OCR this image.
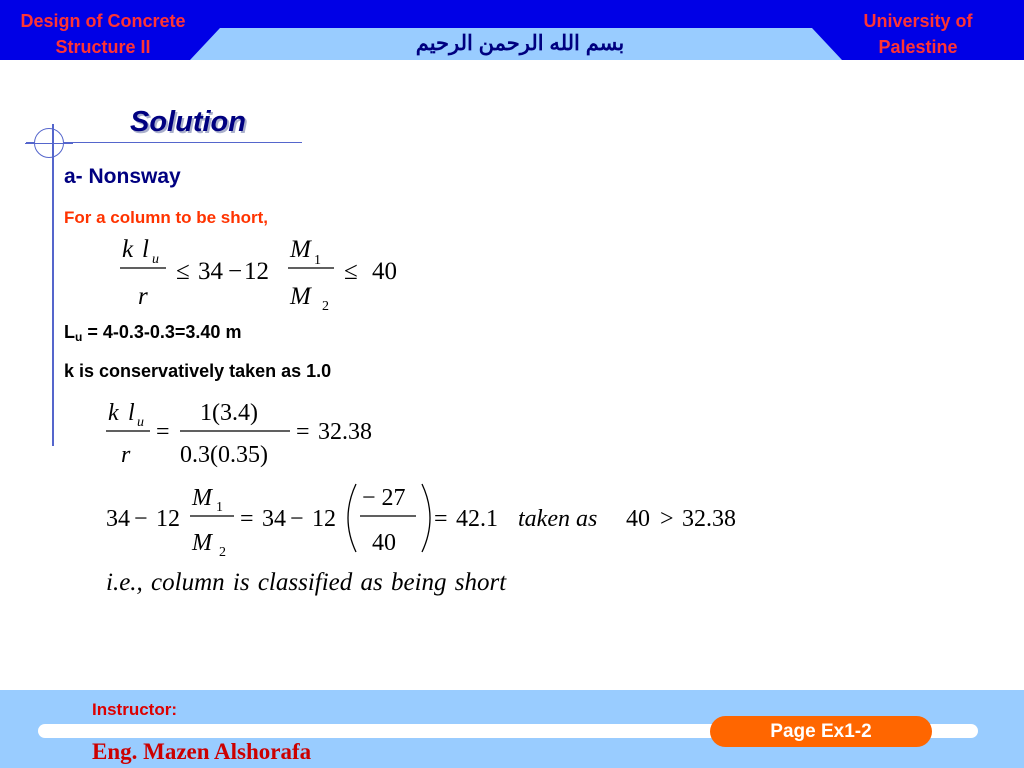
Design of Concrete
Structure II	بسم الله الرحمن الرحيم
University of
Palestine
Solution
a- Nonsway
For a column to be short,
k l u
r
≤ 34 − 12
M 1
M 2
≤ 40
$L_u = 4-0.3-0.3=3.40$ m
k is conservatively taken as 1.0
k l u
r
=
1(3.4)
0.3(0.35)
= 32.38
34 − 12
M 1
M 2
= 34 − 12
− 27
40
= 42.1 taken as 40 > 32.38
i.e., column is classified as being short
Instructor:
Eng. Mazen Alshorafa
Page Ex1-2
